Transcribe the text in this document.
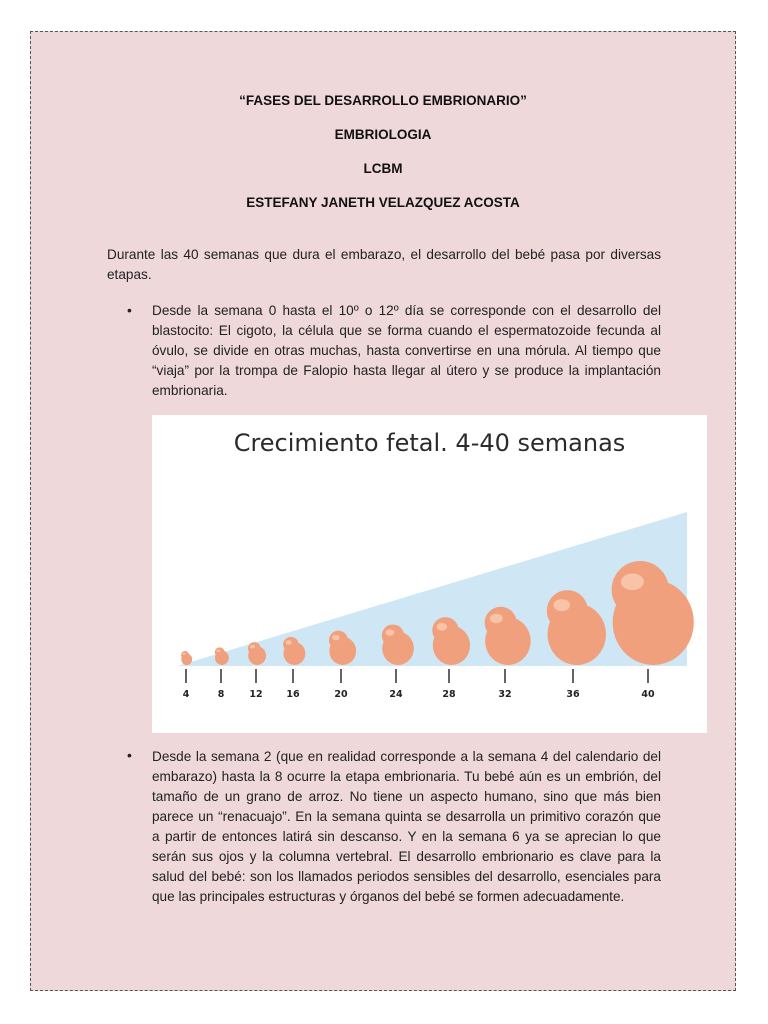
“FASES DEL DESARROLLO EMBRIONARIO”
EMBRIOLOGIA
LCBM
ESTEFANY JANETH VELAZQUEZ ACOSTA
Durante las 40 semanas que dura el embarazo, el desarrollo del bebé pasa por diversas etapas.
• Desde la semana 0 hasta el 10º o 12º día se corresponde con el desarrollo del blastocito: El cigoto, la célula que se forma cuando el espermatozoide fecunda al óvulo, se divide en otras muchas, hasta convertirse en una mórula. Al tiempo que “viaja” por la trompa de Falopio hasta llegar al útero y se produce la implantación embrionaria.
4	8	12	16	20	24	28	32	36	40
Crecimiento fetal. 4-40 semanas
• Desde la semana 2 (que en realidad corresponde a la semana 4 del calendario del embarazo) hasta la 8 ocurre la etapa embrionaria. Tu bebé aún es un embrión, del tamaño de un grano de arroz. No tiene un aspecto humano, sino que más bien parece un “renacuajo”. En la semana quinta se desarrolla un primitivo corazón que a partir de entonces latirá sin descanso. Y en la semana 6 ya se aprecian lo que serán sus ojos y la columna vertebral. El desarrollo embrionario es clave para la salud del bebé: son los llamados periodos sensibles del desarrollo, esenciales para que las principales estructuras y órganos del bebé se formen adecuadamente.
